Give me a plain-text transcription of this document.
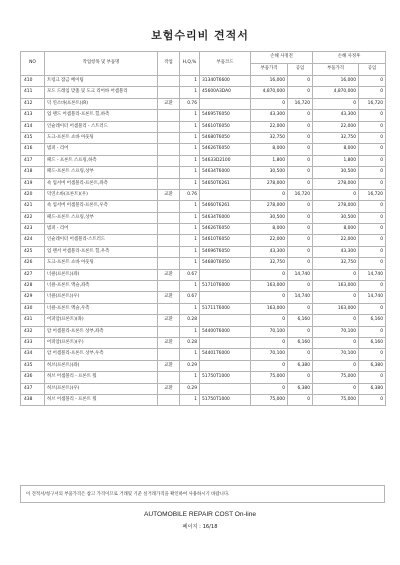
보험수리비 견적서
NO	작업항목 및 부품명	작업	H,Q,%	부품코드	손해 사정전		손해 사정후	
					부품가격	공임	부품가격	공임
410	트렁크 잠금 베이팀		1	31340T6600	16,000	0	16,000	0
411	모드 드레임 맞춤 및 도크 리어바 어셈블리		1	45600A3DA0	4,870,000	0	4,870,000	0
412	덕 연소바(프론트)(R)	교환	0.76		0	16,720	0	16,720
413	업 랜드 어셈블리-프론트 힐,하측		1	54695T6050	43,300	0	43,300	0
414	인슐레이터 어셈블리 - 스트러드		1	54610T6050	22,000	0	22,000	0
415	도크-프론트 쇼바 아웃팅		1	54680T6050	32,750	0	32,750	0
416	범퍼 - 리어		1	54626T6050	8,000	0	8,000	0
417	패드 - 프론트 스프링,하측		1	54633D2100	1,800	0	1,800	0
418	패드-프론트 스프링,상부		1	54634T6000	30,500	0	30,500	0
419	쇽 업서버 어셈블리-프론트,좌측		1	54650T6261	278,000	0	278,000	0
420	덕연소바(프론트)(우)	교환	0.76		0	16,720	0	16,720
421	쇽 업서버 어셈블리-프론트,우측		1	54660T6261	278,000	0	278,000	0
422	패드-프론트 스프링,상부		1	54634T6000	30,500	0	30,500	0
423	범퍼 - 리어		1	54626T6050	8,000	0	8,000	0
424	인슐레이터 어셈블리-스트러드		1	54610T6050	22,000	0	22,000	0
425	업 랜서 어셈블리-프론트 힐,우측		1	54696T6050	43,300	0	43,300	0
426	도크-프론트 쇼바 아웃팅		1	54680T6050	32,750	0	32,750	0
427	너클(프론트)(좌)	교환	0.67		0	14,740	0	14,740
428	너클-프론트 액슬,좌측		1	51710T6000	163,000	0	163,000	0
429	너클(프론트)(우)	교환	0.67		0	14,740	0	14,740
430	너클-프론트 액슬,우측		1	51711T6000	163,000	0	163,000	0
431	어퍼암(프론트)(좌)	교환	0.28		0	6,160	0	6,160
432	암 어셈블리-프론트 상부,좌측		1	54400T6000	70,100	0	70,100	0
433	어퍼암(프론트)(우)	교환	0.28		0	6,160	0	6,160
434	암 어셈블리-프론트 상부,우측		1	54401T6000	70,100	0	70,100	0
435	허브(프론트)(좌)	교환	0.29		0	6,380	0	6,380
436	허브 어셈블리 - 프론트 휠		1	51750T1000	75,000	0	75,000	0
437	허브(프론트)(우)	교환	0.29		0	6,380	0	6,380
438	허브 어셈블리 - 프론트 휠		1	51750T1000	75,000	0	75,000	0
이 견적서/청구서의 부품가격은 참고 가격이므로 거래및 기준 실거래가격을 확인하여 사용하시기 바랍니다.
AUTOMOBILE REPAIR COST On-line
페이지 : 16/18
